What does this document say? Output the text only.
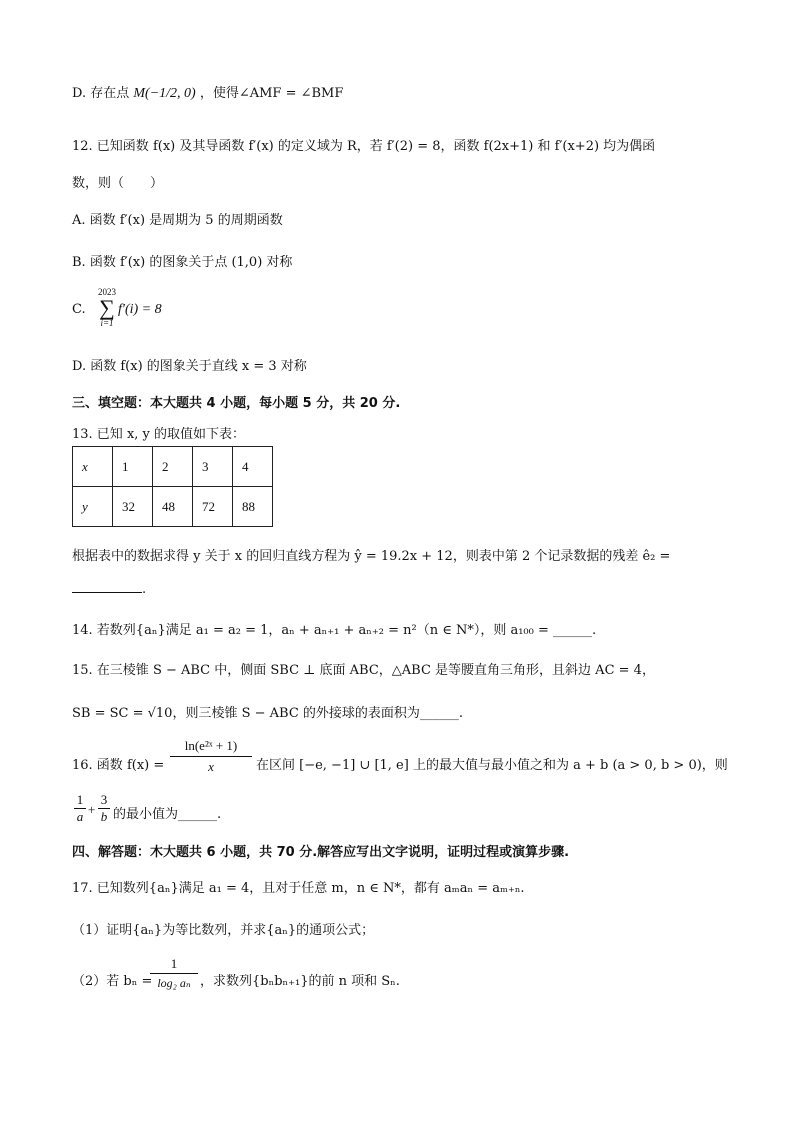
D. 存在点 M(−1/2, 0) ，使得∠AMF = ∠BMF
12. 已知函数 f(x) 及其导函数 f′(x) 的定义域为 R，若 f′(2) = 8，函数 f(2x+1) 和 f′(x+2) 均为偶函
数，则（　　）
A. 函数 f′(x) 是周期为 5 的周期函数
B. 函数 f′(x) 的图象关于点 (1,0) 对称
C.
2023
∑
i=1
f′(i) = 8
D. 函数 f(x) 的图象关于直线 x = 3 对称
三、填空题：本大题共 4 小题，每小题 5 分，共 20 分.
13. 已知 x, y 的取值如下表：
x	1	2	3	4
y	32	48	72	88
根据表中的数据求得 y 关于 x 的回归直线方程为 ŷ = 19.2x + 12，则表中第 2 个记录数据的残差 ê₂ =
.
14. 若数列{aₙ}满足 a₁ = a₂ = 1，aₙ + aₙ₊₁ + aₙ₊₂ = n²（n ∈ N*），则 a₁₀₀ = ______.
15. 在三棱锥 S − ABC 中，侧面 SBC ⊥ 底面 ABC，△ABC 是等腰直角三角形，且斜边 AC = 4，
SB = SC = √10，则三棱锥 S − ABC 的外接球的表面积为______.
16. 函数 $f(x) = \frac{\text{ln(e²ˣ + 1)}}{x}$ 在区间 [−e, −1] ∪ [1, e] 上的最大值与最小值之和为 a + b (a > 0, b > 0)，则
$\frac{1}{a} + \frac{3}{b}$ 的最小值为______.
四、解答题：木大题共 6 小题，共 70 分.解答应写出文字说明，证明过程或演算步骤.
17. 已知数列{aₙ}满足 a₁ = 4，且对于任意 m，n ∈ N*，都有 aₘaₙ = aₘ₊ₙ.
（1）证明{aₙ}为等比数列，并求{aₙ}的通项公式；
（2）若 bₙ =
$\frac{1}{\text{log₂ aₙ}}$ ，求数列{bₙbₙ₊₁}的前 n 项和 Sₙ.
